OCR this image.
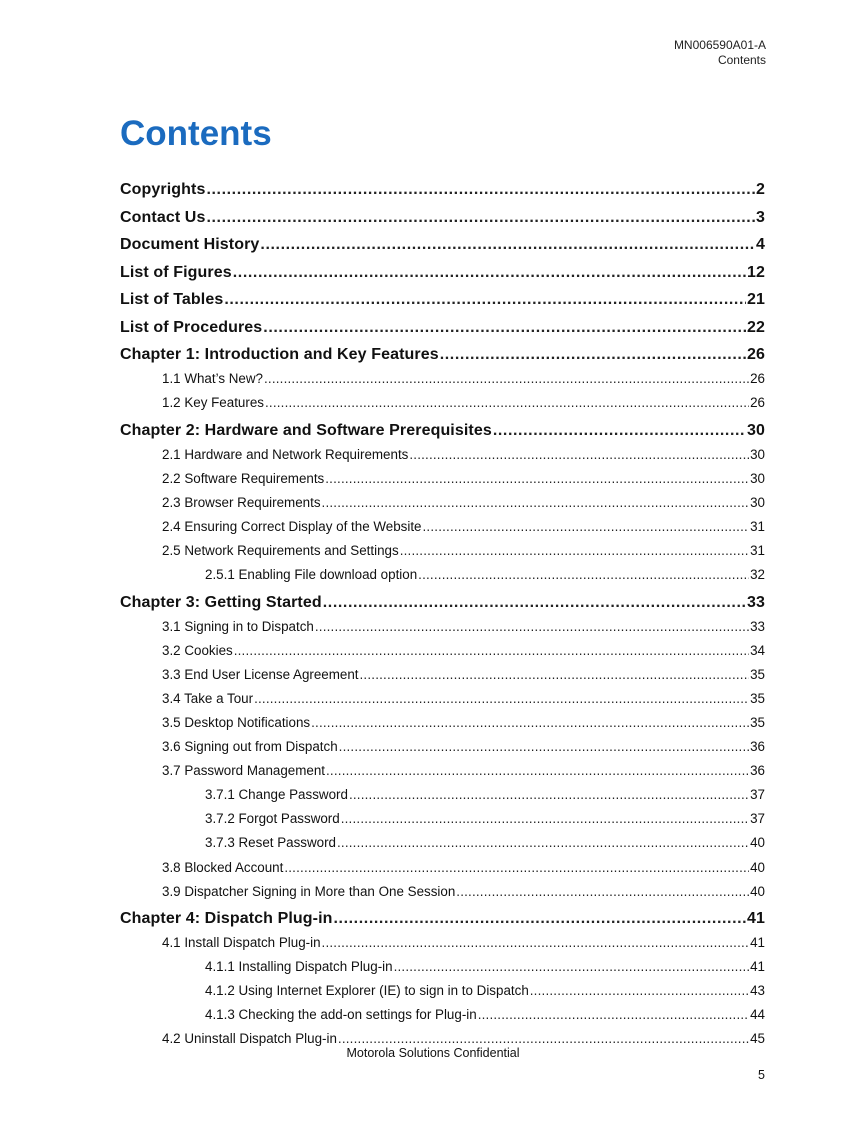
MN006590A01-A
Contents
Contents
Copyrights .....	2
Contact Us .....	3
Document History .....	4
List of Figures .....	12
List of Tables .....	21
List of Procedures .....	22
Chapter 1: Introduction and Key Features .....	26
1.1 What’s New? .....	26
1.2 Key Features .....	26
Chapter 2: Hardware and Software Prerequisites .....	30
2.1 Hardware and Network Requirements .....	30
2.2 Software Requirements .....	30
2.3 Browser Requirements .....	30
2.4 Ensuring Correct Display of the Website .....	31
2.5 Network Requirements and Settings .....	31
2.5.1 Enabling File download option .....	32
Chapter 3: Getting Started .....	33
3.1 Signing in to Dispatch .....	33
3.2 Cookies .....	34
3.3 End User License Agreement .....	35
3.4 Take a Tour .....	35
3.5 Desktop Notifications .....	35
3.6 Signing out from Dispatch .....	36
3.7 Password Management .....	36
3.7.1 Change Password .....	37
3.7.2 Forgot Password .....	37
3.7.3 Reset Password .....	40
3.8 Blocked Account .....	40
3.9 Dispatcher Signing in More than One Session .....	40
Chapter 4: Dispatch Plug-in .....	41
4.1 Install Dispatch Plug-in .....	41
4.1.1 Installing Dispatch Plug-in .....	41
4.1.2 Using Internet Explorer (IE) to sign in to Dispatch .....	43
4.1.3 Checking the add-on settings for Plug-in .....	44
4.2 Uninstall Dispatch Plug-in .....	45
Motorola Solutions Confidential
5
